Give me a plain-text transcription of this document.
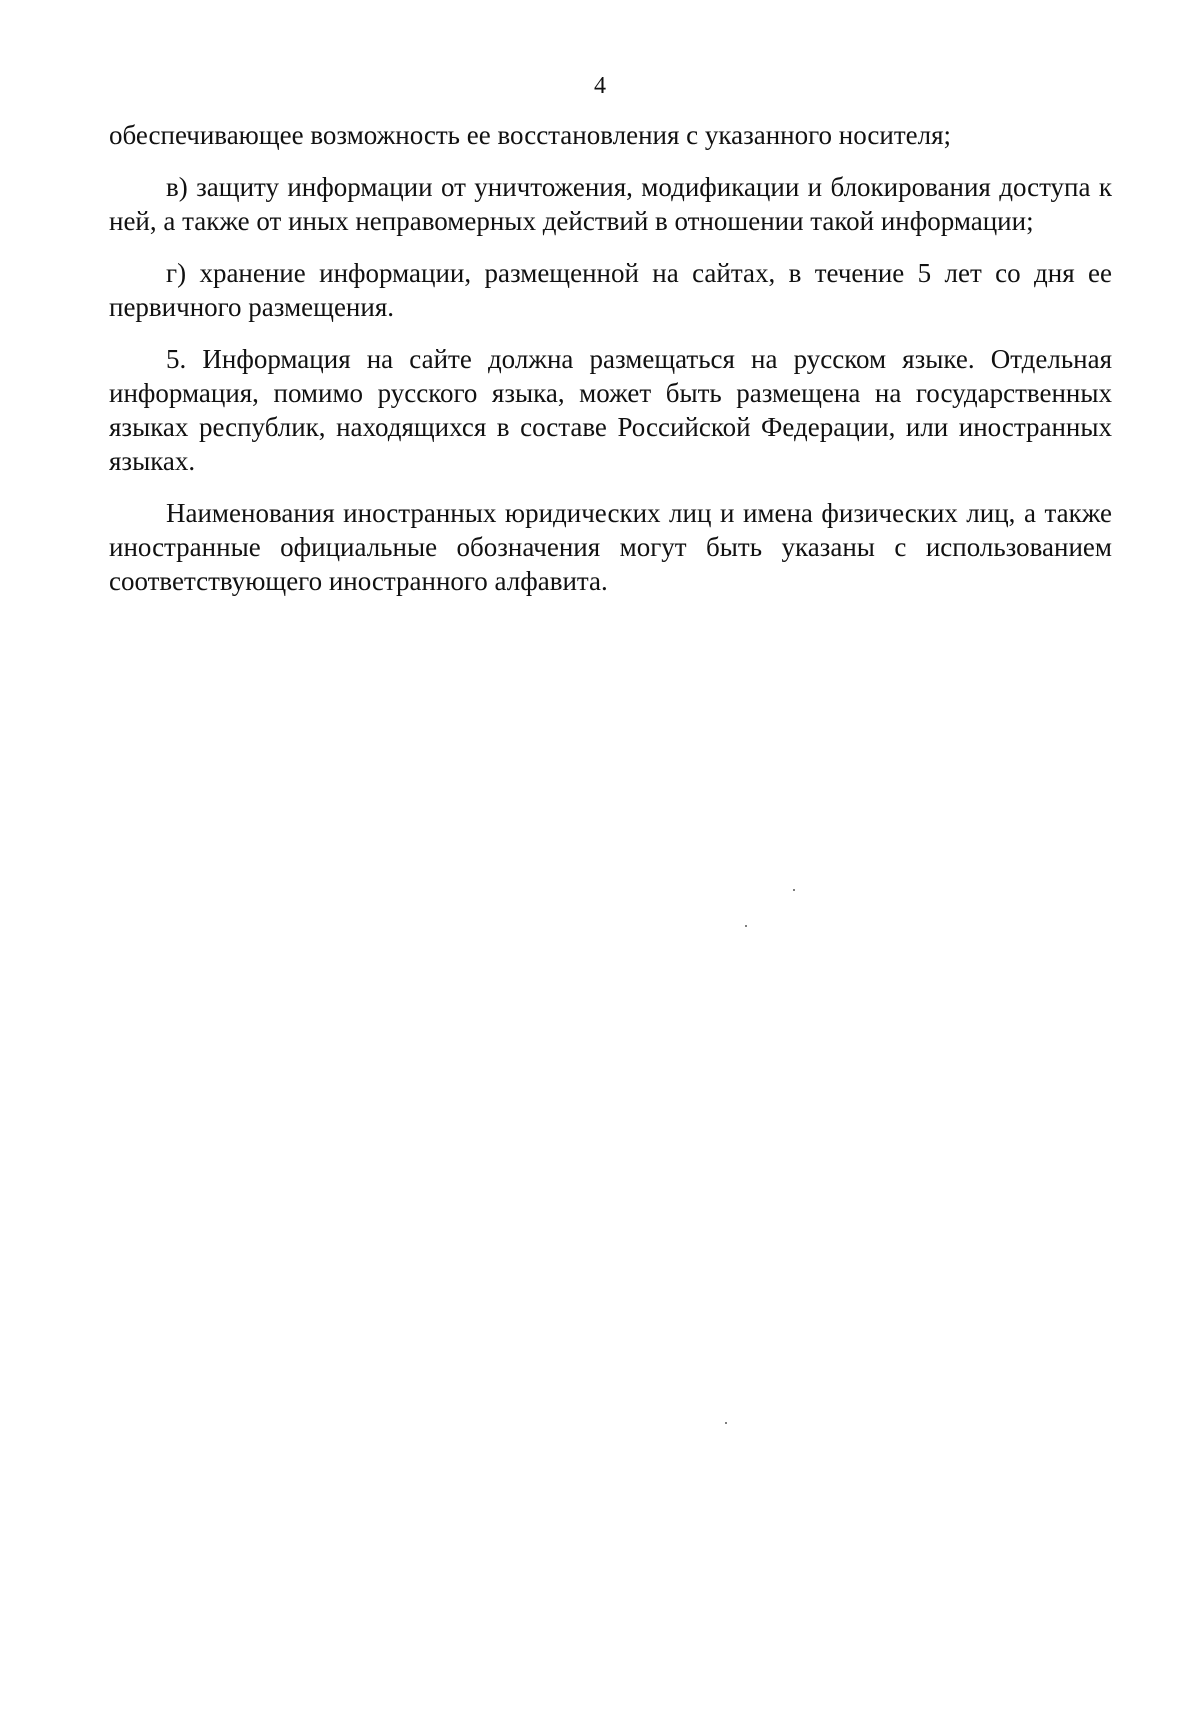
4

обеспечивающее возможность ее восстановления с указанного носителя;

в) защиту информации от уничтожения, модификации и блокирования доступа к ней, а также от иных неправомерных действий в отношении такой информации;

г) хранение информации, размещенной на сайтах, в течение 5 лет со дня ее первичного размещения.

5. Информация на сайте должна размещаться на русском языке. Отдельная информация, помимо русского языка, может быть размещена на государственных языках республик, находящихся в составе Российской Федерации, или иностранных языках.

Наименования иностранных юридических лиц и имена физических лиц, а также иностранные официальные обозначения могут быть указаны с использованием соответствующего иностранного алфавита.
